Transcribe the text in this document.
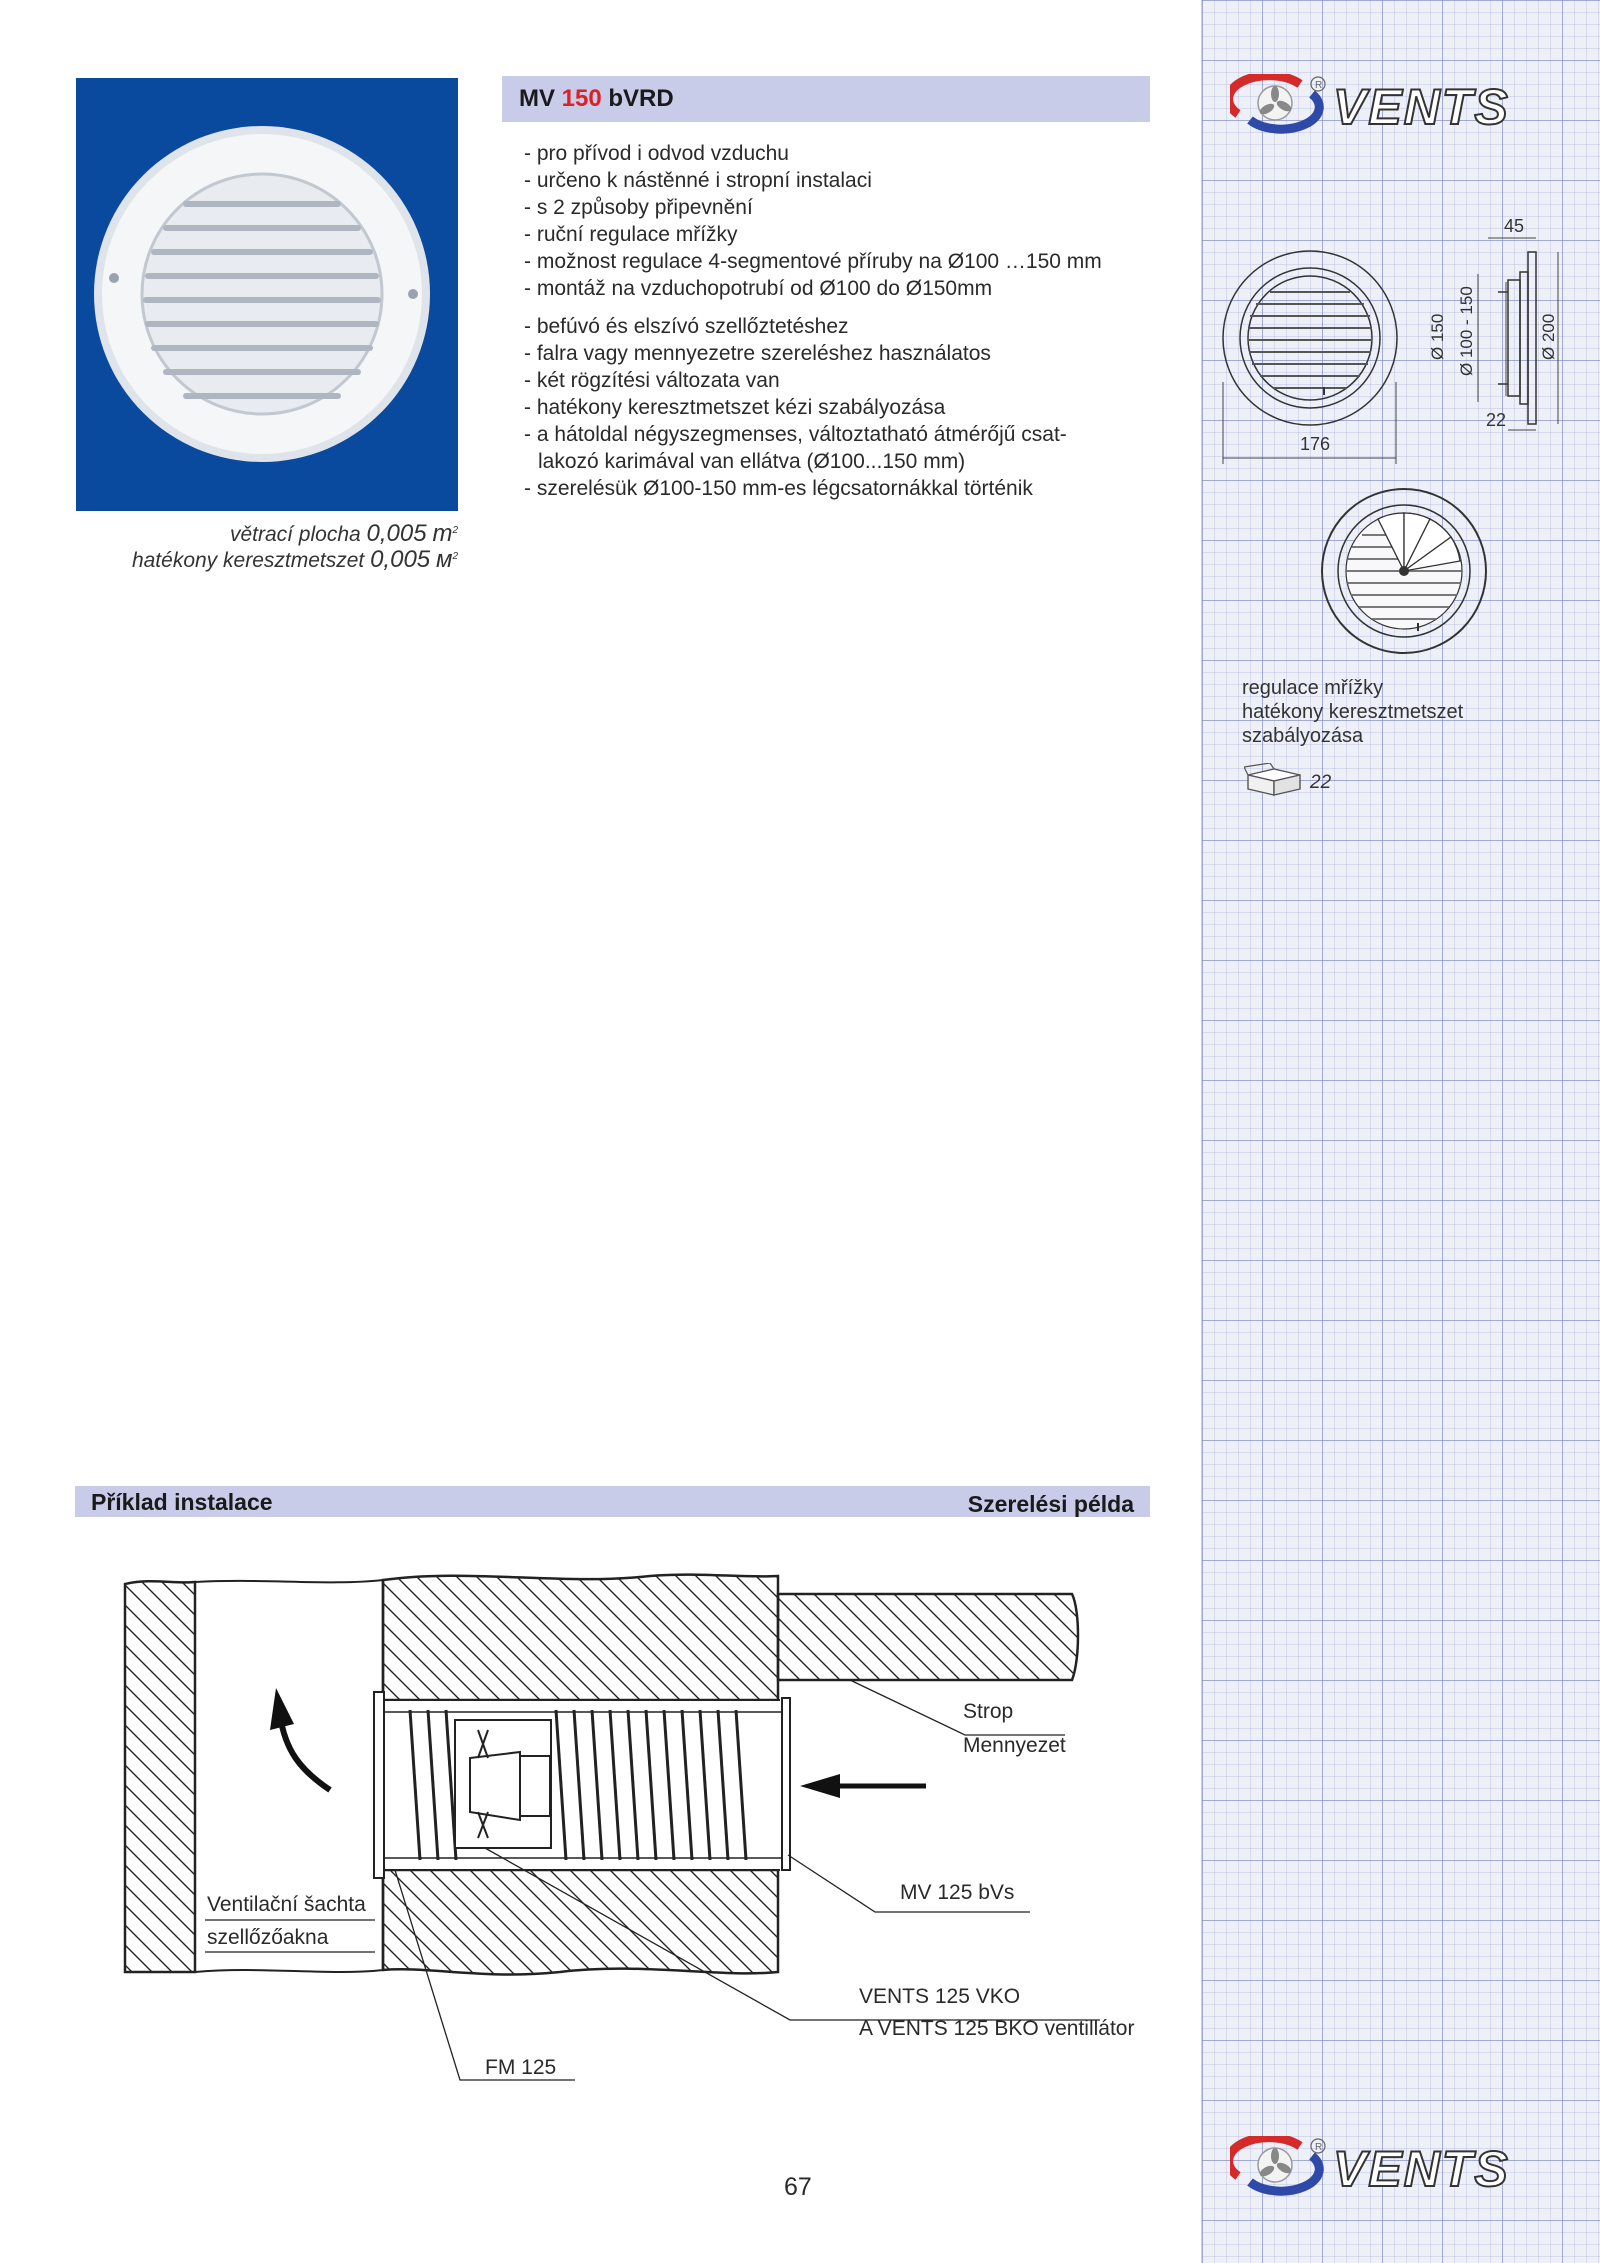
R VENTS
větrací plocha 0,005 $m^2$
hatékony keresztmetszet 0,005 $м^2$
MV 150 bVRD
- pro přívod i odvod vzduchu
- určeno k nástěnné i stropní instalaci
- s 2 způsoby připevnění
- ruční regulace mřížky
- možnost regulace 4-segmentové příruby na Ø100 …150 mm
- montáž na vzduchopotrubí od Ø100 do Ø150mm
- befúvó és elszívó szellőztetéshez
- falra vagy mennyezetre szereléshez használatos
- két rögzítési változata van
- hatékony keresztmetszet kézi szabályozása
- a hátoldal négyszegmenses, változtatható átmérőjű csat-
lakozó karimával van ellátva (Ø100...150 mm)
- szerelésük Ø100-150 mm-es légcsatornákkal történik
176
45
22
Ø 150 Ø 100 - 150	Ø 200
regulace mřížky
hatékony keresztmetszet
szabályozása
22
Příklad instalace	Szerelési példa
Strop
Mennyezet
MV 125 bVs
Ventilační šachta
szellőzőakna
VENTS 125 VKO
A VENTS 125 BKO ventillátor
FM 125
67
R VENTS
